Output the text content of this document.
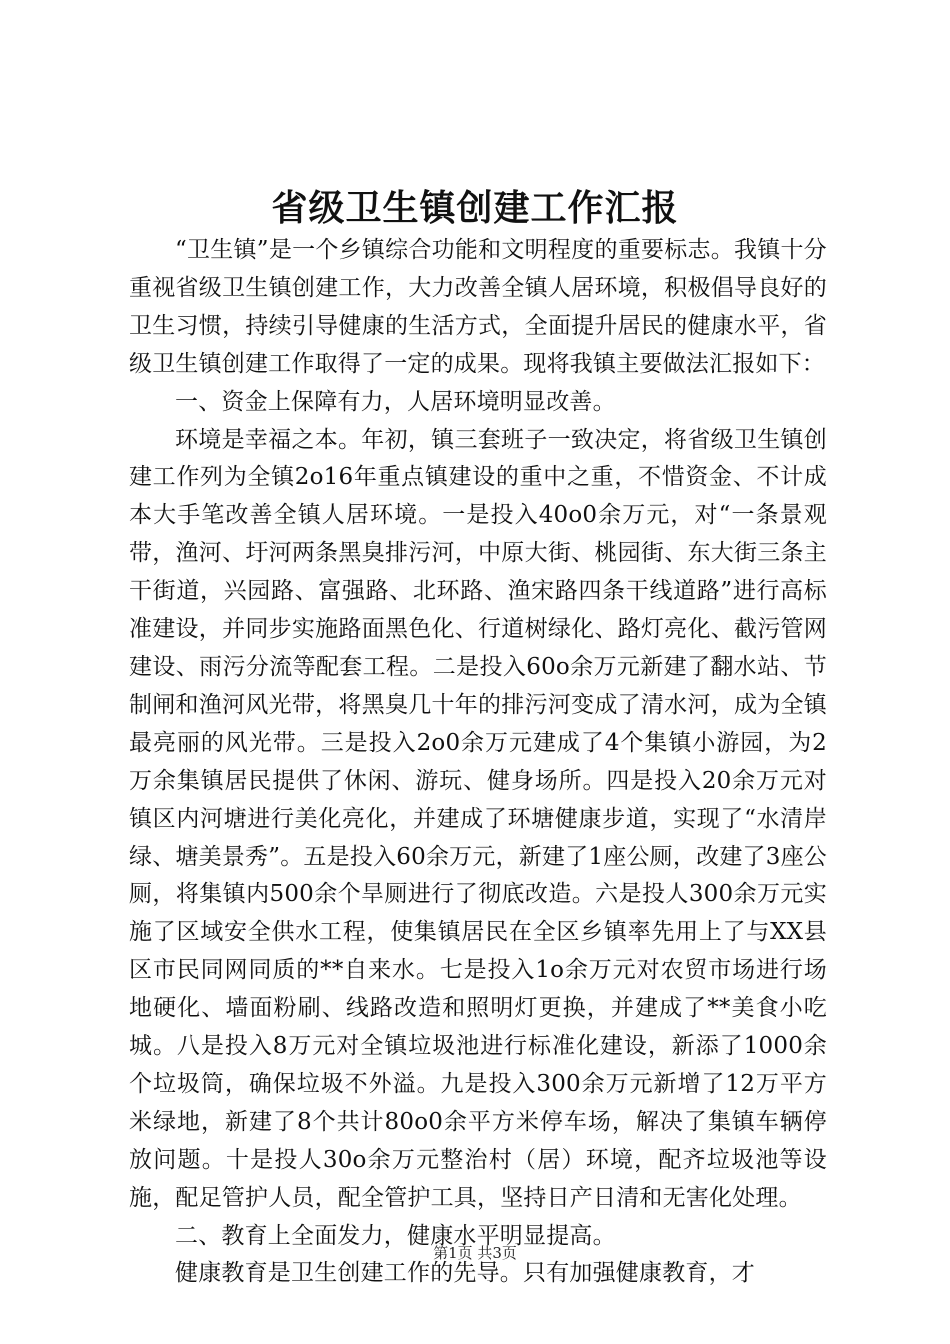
省级卫生镇创建工作汇报

“卫生镇”是一个乡镇综合功能和文明程度的重要标志。我镇十分重视省级卫生镇创建工作，大力改善全镇人居环境，积极倡导良好的卫生习惯，持续引导健康的生活方式，全面提升居民的健康水平，省级卫生镇创建工作取得了一定的成果。现将我镇主要做法汇报如下：

一、资金上保障有力，人居环境明显改善。

环境是幸福之本。年初，镇三套班子一致决定，将省级卫生镇创建工作列为全镇2o16年重点镇建设的重中之重，不惜资金、不计成本大手笔改善全镇人居环境。一是投入40o0余万元，对“一条景观带，渔河、圩河两条黑臭排污河，中原大街、桃园街、东大街三条主干街道，兴园路、富强路、北环路、渔宋路四条干线道路”进行高标准建设，并同步实施路面黑色化、行道树绿化、路灯亮化、截污管网建设、雨污分流等配套工程。二是投入60o余万元新建了翻水站、节制闸和渔河风光带，将黑臭几十年的排污河变成了清水河，成为全镇最亮丽的风光带。三是投入2o0余万元建成了4个集镇小游园，为2万余集镇居民提供了休闲、游玩、健身场所。四是投入20余万元对镇区内河塘进行美化亮化，并建成了环塘健康步道，实现了“水清岸绿、塘美景秀”。五是投入60余万元，新建了1座公厕，改建了3座公厕，将集镇内500余个旱厕进行了彻底改造。六是投人300余万元实施了区域安全供水工程，使集镇居民在全区乡镇率先用上了与XX县区市民同网同质的**自来水。七是投入1o余万元对农贸市场进行场地硬化、墙面粉刷、线路改造和照明灯更换，并建成了**美食小吃城。八是投入8万元对全镇垃圾池进行标准化建设，新添了1000余个垃圾筒，确保垃圾不外溢。九是投入300余万元新增了12万平方米绿地，新建了8个共计80o0余平方米停车场，解决了集镇车辆停放问题。十是投人30o余万元整治村（居）环境，配齐垃圾池等设施，配足管护人员，配全管护工具，坚持日产日清和无害化处理。

二、教育上全面发力，健康水平明显提高。

健康教育是卫生创建工作的先导。只有加强健康教育，才

第1页 共3页
